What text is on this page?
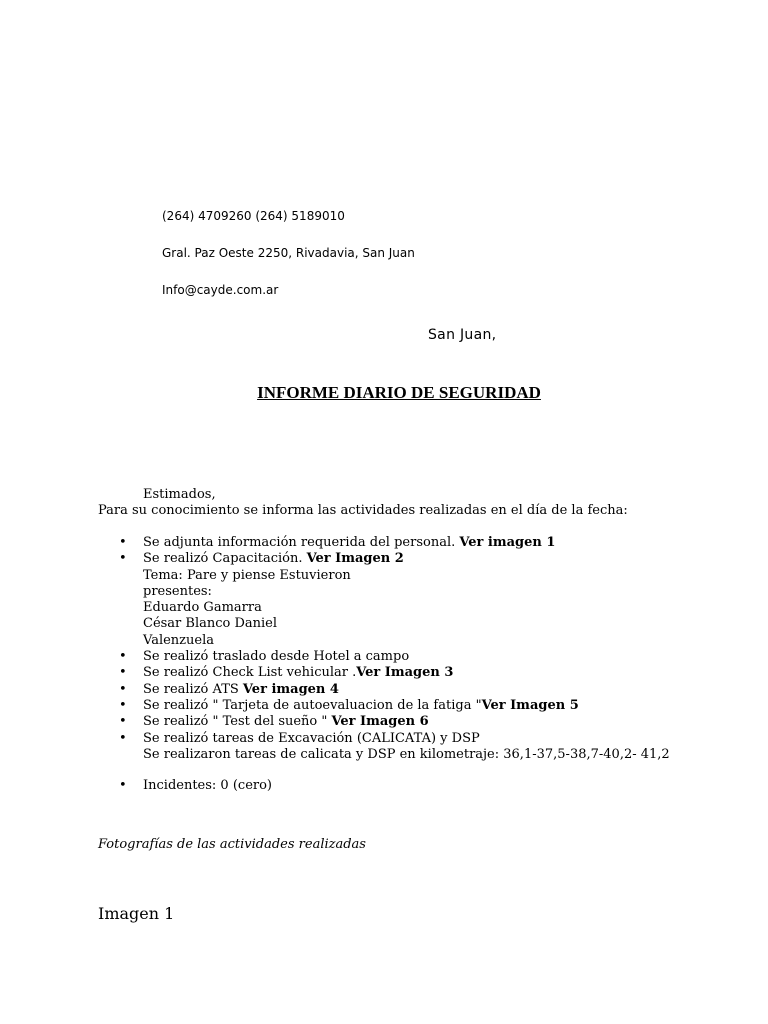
(264) 4709260 (264) 5189010
Gral. Paz Oeste 2250, Rivadavia, San Juan
Info@cayde.com.ar
San Juan,
INFORME DIARIO DE SEGURIDAD
Estimados,
Para su conocimiento se informa las actividades realizadas en el día de la fecha:
• Se adjunta información requerida del personal. Ver imagen 1
• Se realizó Capacitación. Ver Imagen 2
Tema: Pare y piense Estuvieron
presentes:
Eduardo Gamarra
César Blanco Daniel
Valenzuela
• Se realizó traslado desde Hotel a campo
• Se realizó Check List vehicular .Ver Imagen 3
• Se realizó ATS Ver imagen 4
• Se realizó " Tarjeta de autoevaluacion de la fatiga "Ver Imagen 5
• Se realizó " Test del sueño " Ver Imagen 6
• Se realizó tareas de Excavación (CALICATA) y DSP
Se realizaron tareas de calicata y DSP en kilometraje: 36,1-37,5-38,7-40,2- 41,2
• Incidentes: 0 (cero)
Fotografías de las actividades realizadas
Imagen 1
